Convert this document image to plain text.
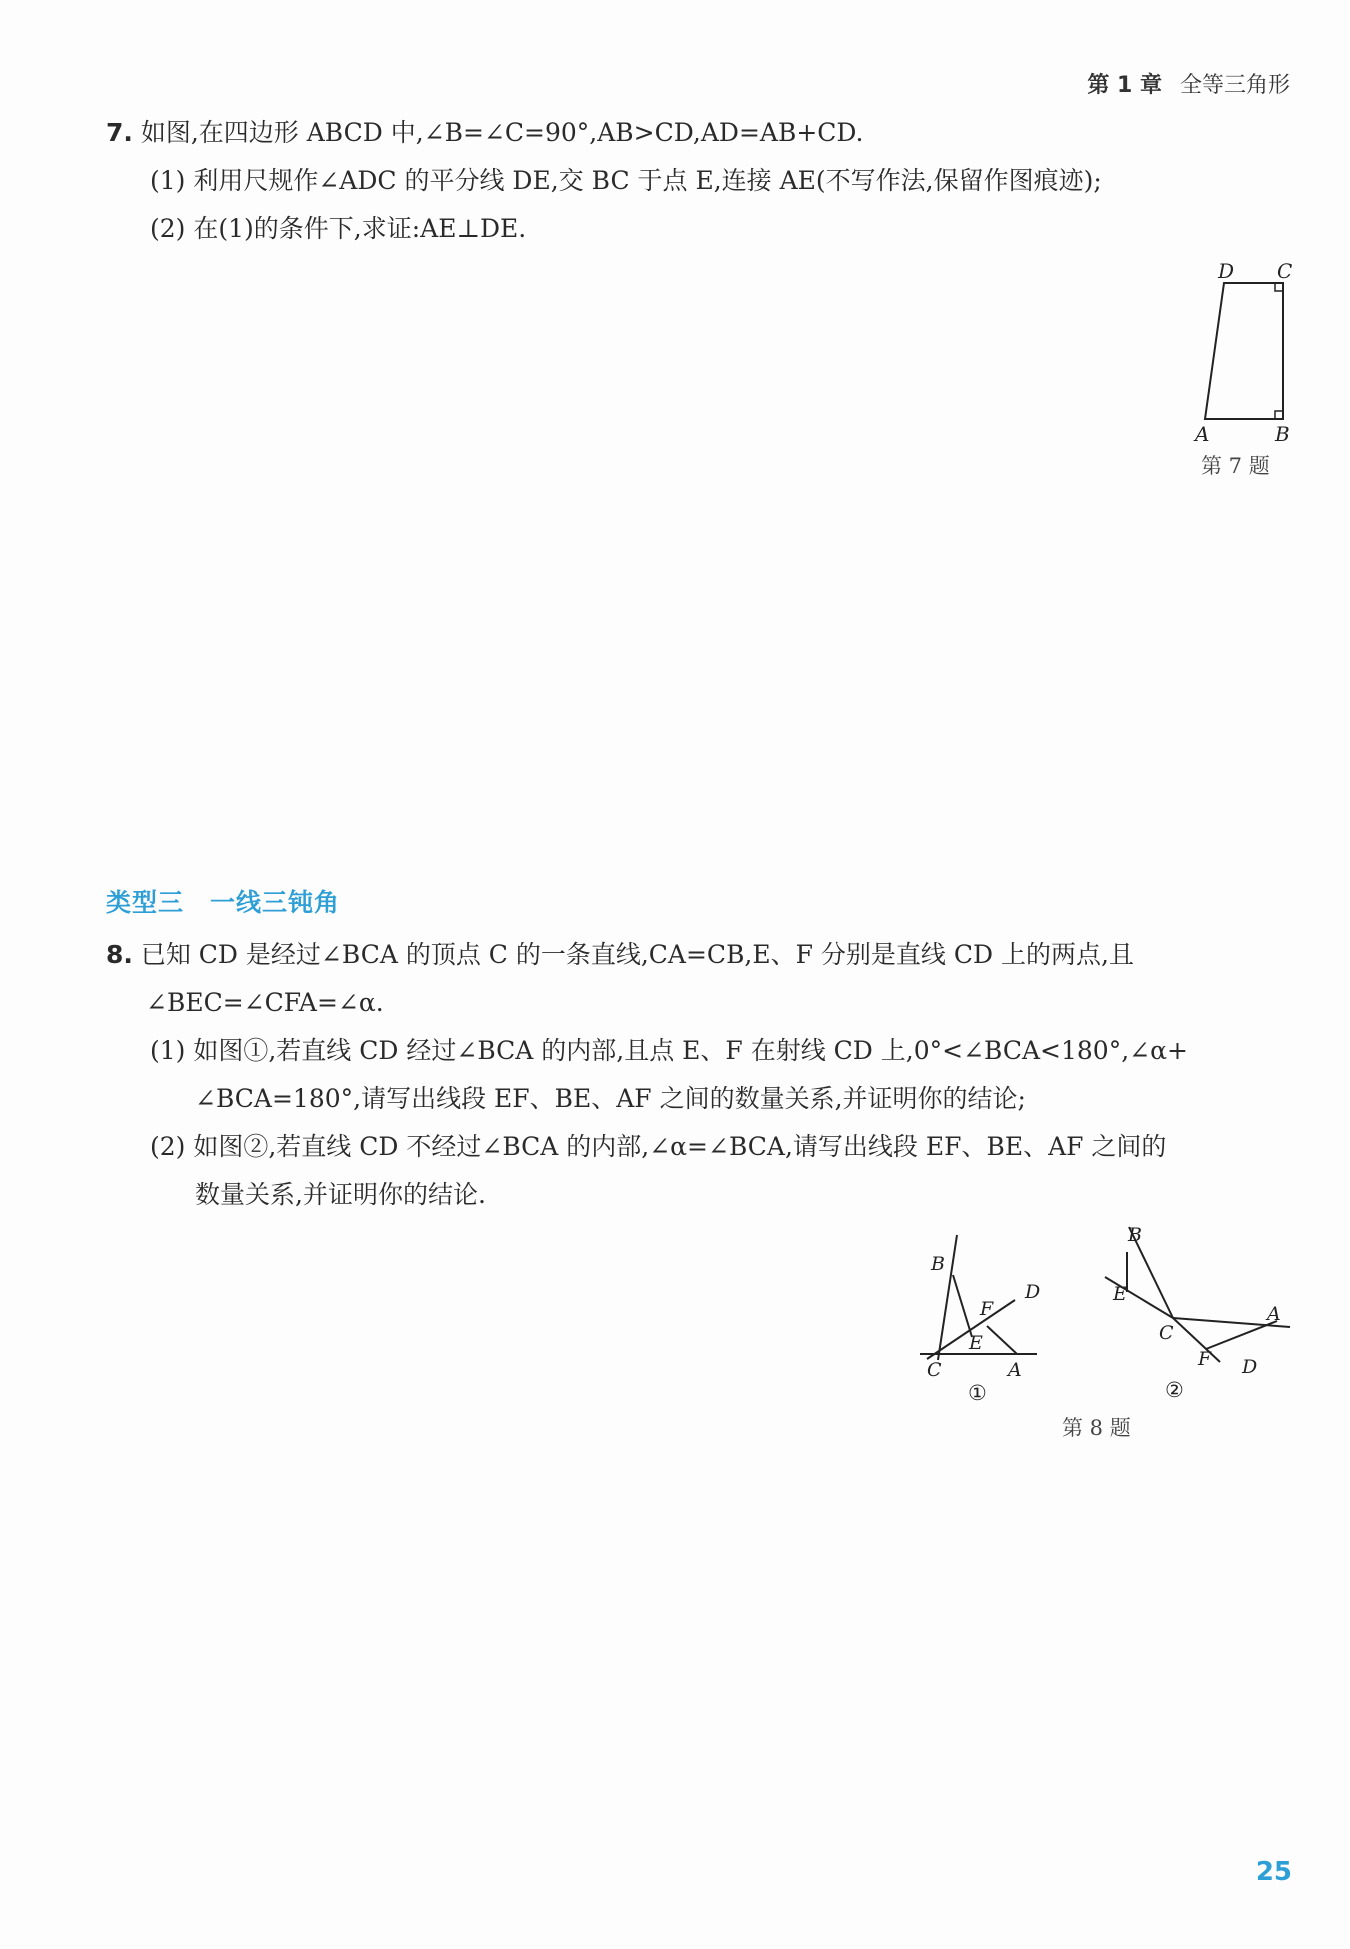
第 1 章 全等三角形
7. 如图,在四边形 ABCD 中,∠B=∠C=90°,AB>CD,AD=AB+CD.
(1) 利用尺规作∠ADC 的平分线 DE,交 BC 于点 E,连接 AE(不写作法,保留作图痕迹);
(2) 在(1)的条件下,求证:AE⊥DE.
D C
A	B
第 7 题
类型三 一线三钝角
8. 已知 CD 是经过∠BCA 的顶点 C 的一条直线,CA=CB,E、F 分别是直线 CD 上的两点,且
∠BEC=∠CFA=∠α.
(1) 如图①,若直线 CD 经过∠BCA 的内部,且点 E、F 在射线 CD 上,0°<∠BCA<180°,∠α+
∠BCA=180°,请写出线段 EF、BE、AF 之间的数量关系,并证明你的结论;
(2) 如图②,若直线 CD 不经过∠BCA 的内部,∠α=∠BCA,请写出线段 EF、BE、AF 之间的
数量关系,并证明你的结论.
B
F
D
E
C	A
①
B
E
C
A
F D
②
第 8 题
25
